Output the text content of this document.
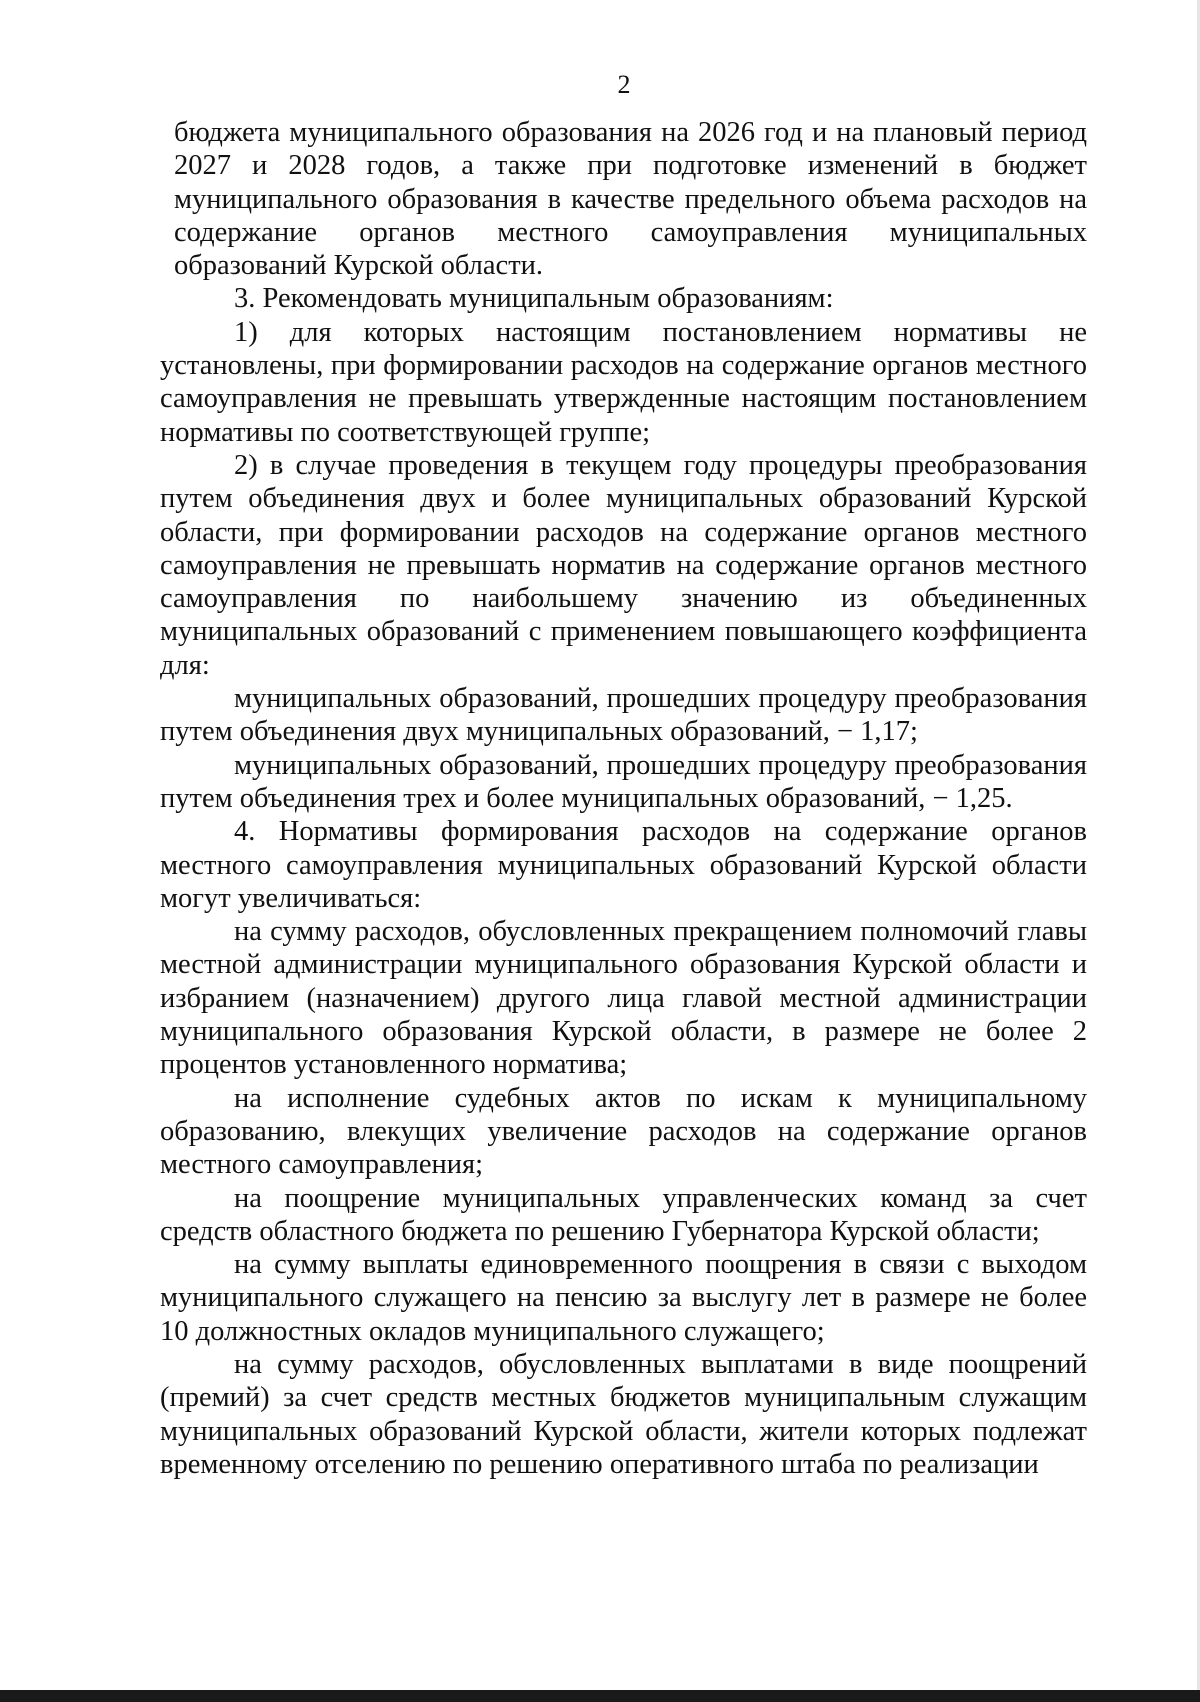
2

бюджета муниципального образования на 2026 год и на плановый период 2027 и 2028 годов, а также при подготовке изменений в бюджет муниципального образования в качестве предельного объема расходов на содержание органов местного самоуправления муниципальных образований Курской области.

3. Рекомендовать муниципальным образованиям:

1) для которых настоящим постановлением нормативы не установлены, при формировании расходов на содержание органов местного самоуправления не превышать утвержденные настоящим постановлением нормативы по соответствующей группе;

2) в случае проведения в текущем году процедуры преобразования путем объединения двух и более муниципальных образований Курской области, при формировании расходов на содержание органов местного самоуправления не превышать норматив на содержание органов местного самоуправления по наибольшему значению из объединенных муниципальных образований с применением повышающего коэффициента для:

муниципальных образований, прошедших процедуру преобразования путем объединения двух муниципальных образований, − 1,17;

муниципальных образований, прошедших процедуру преобразования путем объединения трех и более муниципальных образований, − 1,25.

4. Нормативы формирования расходов на содержание органов местного самоуправления муниципальных образований Курской области могут увеличиваться:

на сумму расходов, обусловленных прекращением полномочий главы местной администрации муниципального образования Курской области и избранием (назначением) другого лица главой местной администрации муниципального образования Курской области, в размере не более 2 процентов установленного норматива;

на исполнение судебных актов по искам к муниципальному образованию, влекущих увеличение расходов на содержание органов местного самоуправления;

на поощрение муниципальных управленческих команд за счет средств областного бюджета по решению Губернатора Курской области;

на сумму выплаты единовременного поощрения в связи с выходом муниципального служащего на пенсию за выслугу лет в размере не более 10 должностных окладов муниципального служащего;

на сумму расходов, обусловленных выплатами в виде поощрений (премий) за счет средств местных бюджетов муниципальным служащим муниципальных образований Курской области, жители которых подлежат временному отселению по решению оперативного штаба по реализации
